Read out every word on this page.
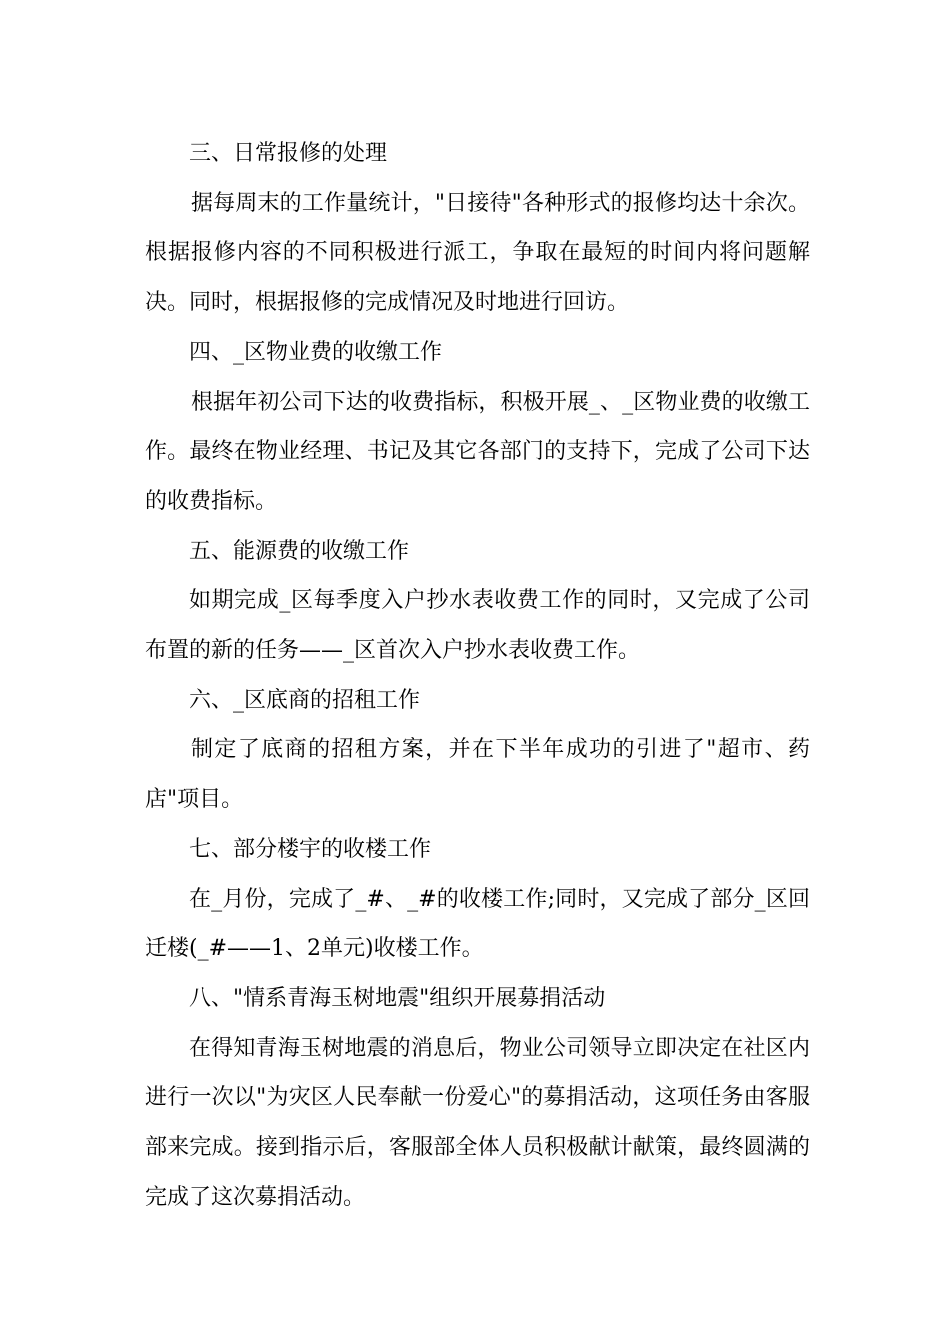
三、日常报修的处理

据每周末的工作量统计，"日接待"各种形式的报修均达十余次。根据报修内容的不同积极进行派工，争取在最短的时间内将问题解决。同时，根据报修的完成情况及时地进行回访。

四、_区物业费的收缴工作

根据年初公司下达的收费指标，积极开展_、_区物业费的收缴工作。最终在物业经理、书记及其它各部门的支持下，完成了公司下达的收费指标。

五、能源费的收缴工作

如期完成_区每季度入户抄水表收费工作的同时，又完成了公司布置的新的任务——_区首次入户抄水表收费工作。

六、_区底商的招租工作

制定了底商的招租方案，并在下半年成功的引进了"超市、药店"项目。

七、部分楼宇的收楼工作

在_月份，完成了_#、_#的收楼工作;同时，又完成了部分_区回迁楼(_#——1、2单元)收楼工作。

八、"情系青海玉树地震"组织开展募捐活动

在得知青海玉树地震的消息后，物业公司领导立即决定在社区内进行一次以"为灾区人民奉献一份爱心"的募捐活动，这项任务由客服部来完成。接到指示后，客服部全体人员积极献计献策，最终圆满的完成了这次募捐活动。
